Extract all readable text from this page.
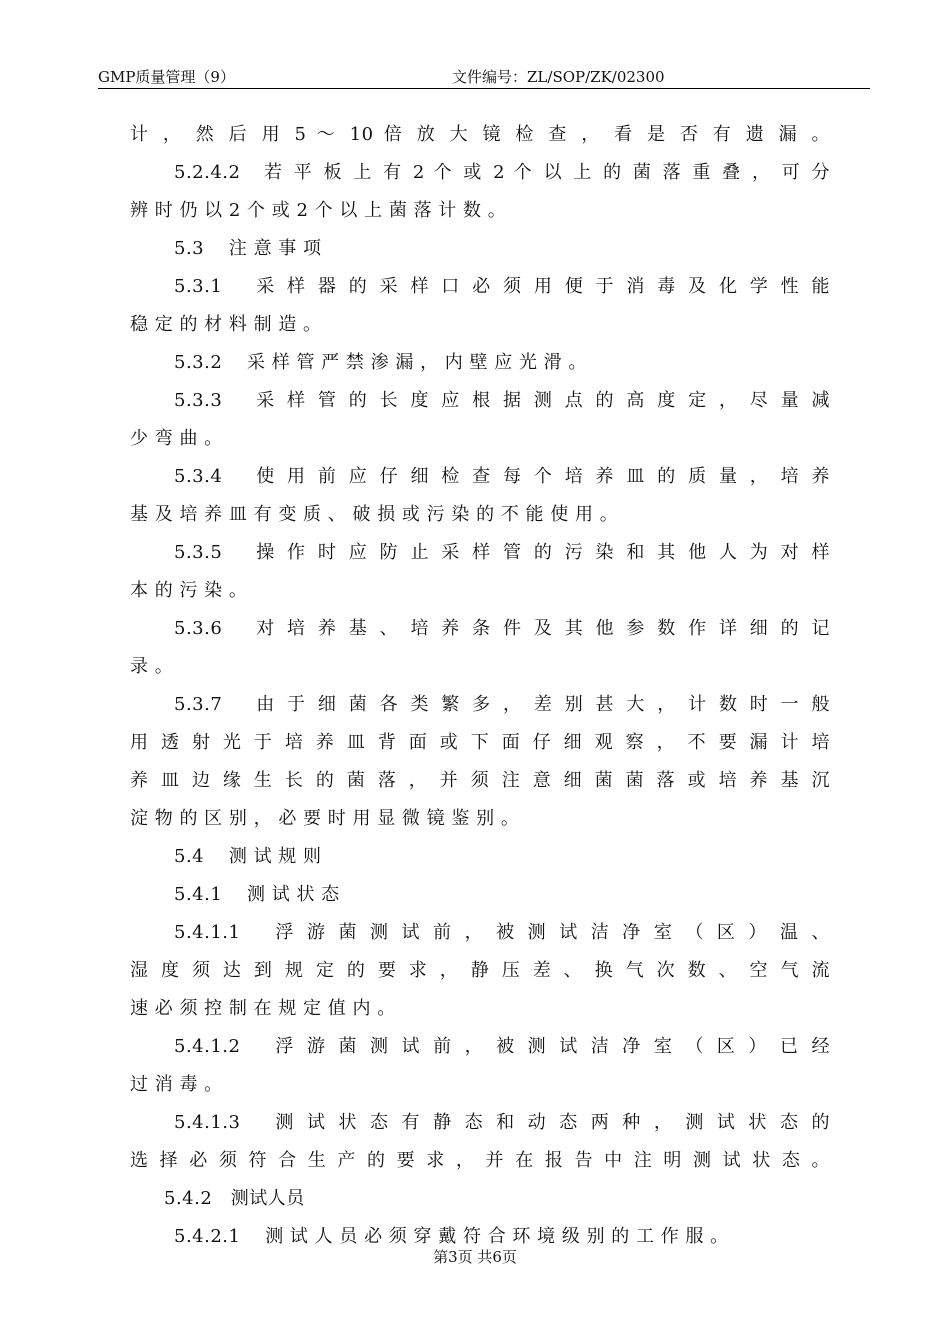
GMP质量管理（9）	文件编号：ZL/SOP/ZK/02300
计 ， 然 后 用 5 ～ 10 倍 放 大 镜 检 查 ， 看 是 否 有 遗 漏 。
5.2.4.2　若 平 板 上 有 2 个 或 2 个 以 上 的 菌 落 重 叠 ， 可 分
辨 时 仍 以 2 个 或 2 个 以 上 菌 落 计 数 。
5.3　 注 意 事 项
5.3.1　 采 样 器 的 采 样 口 必 须 用 便 于 消 毒 及 化 学 性 能
稳 定 的 材 料 制 造 。
5.3.2　 采 样 管 严 禁 渗 漏 ， 内 壁 应 光 滑 。
5.3.3　 采 样 管 的 长 度 应 根 据 测 点 的 高 度 定 ， 尽 量 减
少 弯 曲 。
5.3.4　 使 用 前 应 仔 细 检 查 每 个 培 养 皿 的 质 量 ， 培 养
基 及 培 养 皿 有 变 质 、 破 损 或 污 染 的 不 能 使 用 。
5.3.5　 操 作 时 应 防 止 采 样 管 的 污 染 和 其 他 人 为 对 样
本 的 污 染 。
5.3.6　 对 培 养 基 、 培 养 条 件 及 其 他 参 数 作 详 细 的 记
录 。
5.3.7　 由 于 细 菌 各 类 繁 多 ， 差 别 甚 大 ， 计 数 时 一 般
用 透 射 光 于 培 养 皿 背 面 或 下 面 仔 细 观 察 ， 不 要 漏 计 培
养 皿 边 缘 生 长 的 菌 落 ， 并 须 注 意 细 菌 菌 落 或 培 养 基 沉
淀 物 的 区 别 ， 必 要 时 用 显 微 镜 鉴 别 。
5.4　 测 试 规 则
5.4.1　 测 试 状 态
5.4.1.1　 浮 游 菌 测 试 前 ， 被 测 试 洁 净 室 （ 区 ） 温 、
湿 度 须 达 到 规 定 的 要 求 ， 静 压 差 、 换 气 次 数 、 空 气 流
速 必 须 控 制 在 规 定 值 内 。
5.4.1.2　 浮 游 菌 测 试 前 ， 被 测 试 洁 净 室 （ 区 ） 已 经
过 消 毒 。
5.4.1.3　 测 试 状 态 有 静 态 和 动 态 两 种 ， 测 试 状 态 的
选 择 必 须 符 合 生 产 的 要 求 ， 并 在 报 告 中 注 明 测 试 状 态 。
5.4.2　测试人员
5.4.2.1　 测 试 人 员 必 须 穿 戴 符 合 环 境 级 别 的 工 作 服 。
第3页 共6页
